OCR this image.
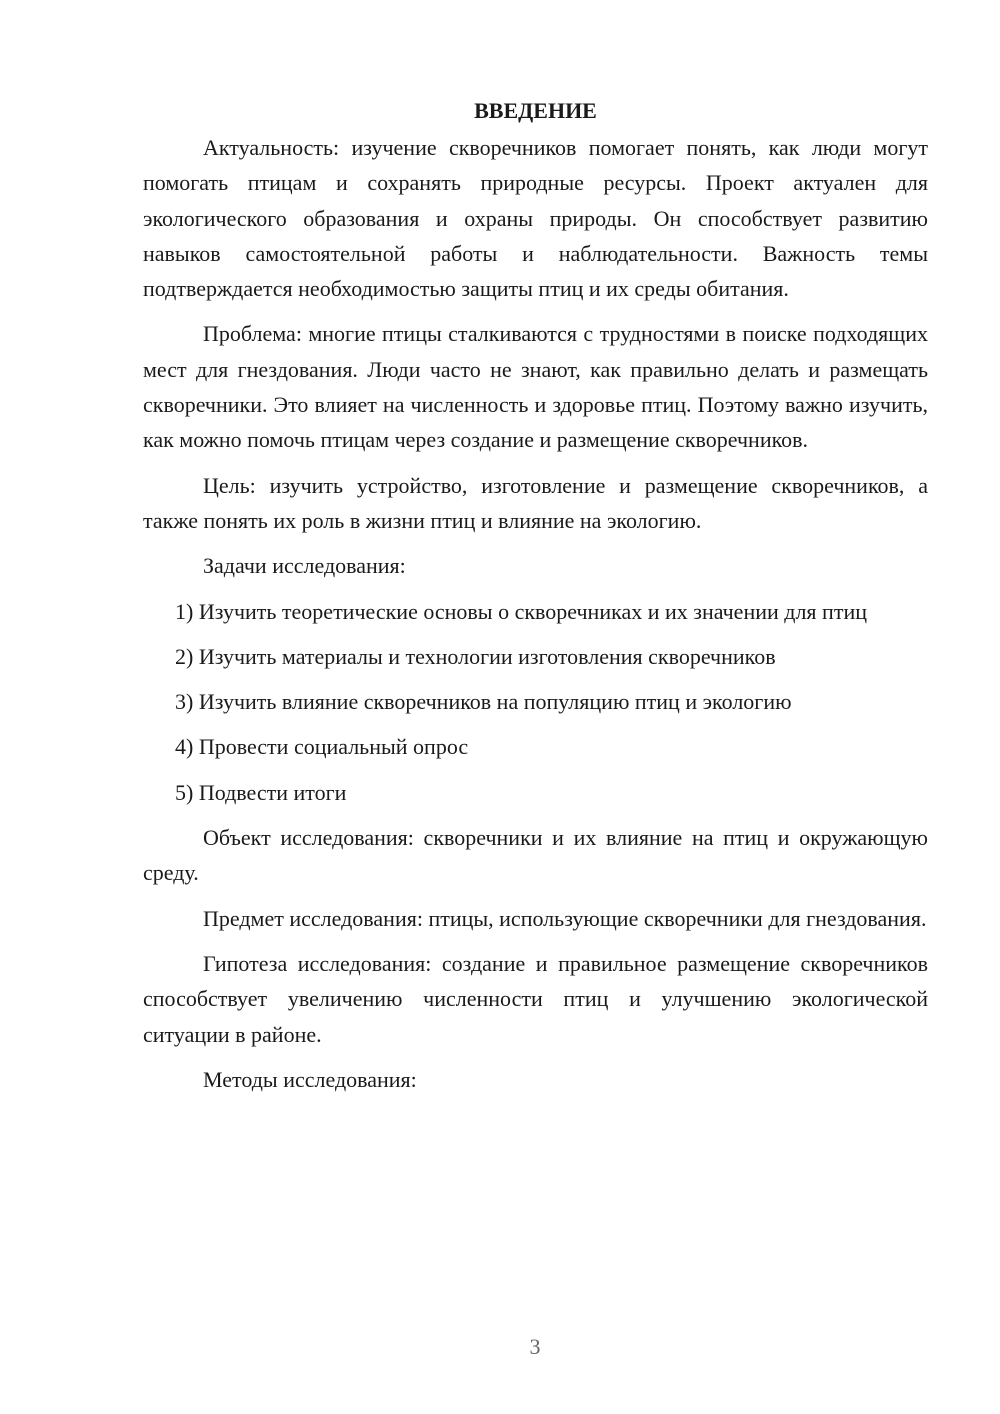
ВВЕДЕНИЕ

Актуальность: изучение скворечников помогает понять, как люди могут помогать птицам и сохранять природные ресурсы. Проект актуален для экологического образования и охраны природы. Он способствует развитию навыков самостоятельной работы и наблюдательности. Важность темы подтверждается необходимостью защиты птиц и их среды обитания.

Проблема: многие птицы сталкиваются с трудностями в поиске подходящих мест для гнездования. Люди часто не знают, как правильно делать и размещать скворечники. Это влияет на численность и здоровье птиц. Поэтому важно изучить, как можно помочь птицам через создание и размещение скворечников.

Цель: изучить устройство, изготовление и размещение скворечников, а также понять их роль в жизни птиц и влияние на экологию.

Задачи исследования:

1) Изучить теоретические основы о скворечниках и их значении для птиц

2) Изучить материалы и технологии изготовления скворечников

3) Изучить влияние скворечников на популяцию птиц и экологию

4) Провести социальный опрос

5) Подвести итоги

Объект исследования: скворечники и их влияние на птиц и окружающую среду.

Предмет исследования: птицы, использующие скворечники для гнездования.

Гипотеза исследования: создание и правильное размещение скворечников способствует увеличению численности птиц и улучшению экологической ситуации в районе.

Методы исследования:

3
